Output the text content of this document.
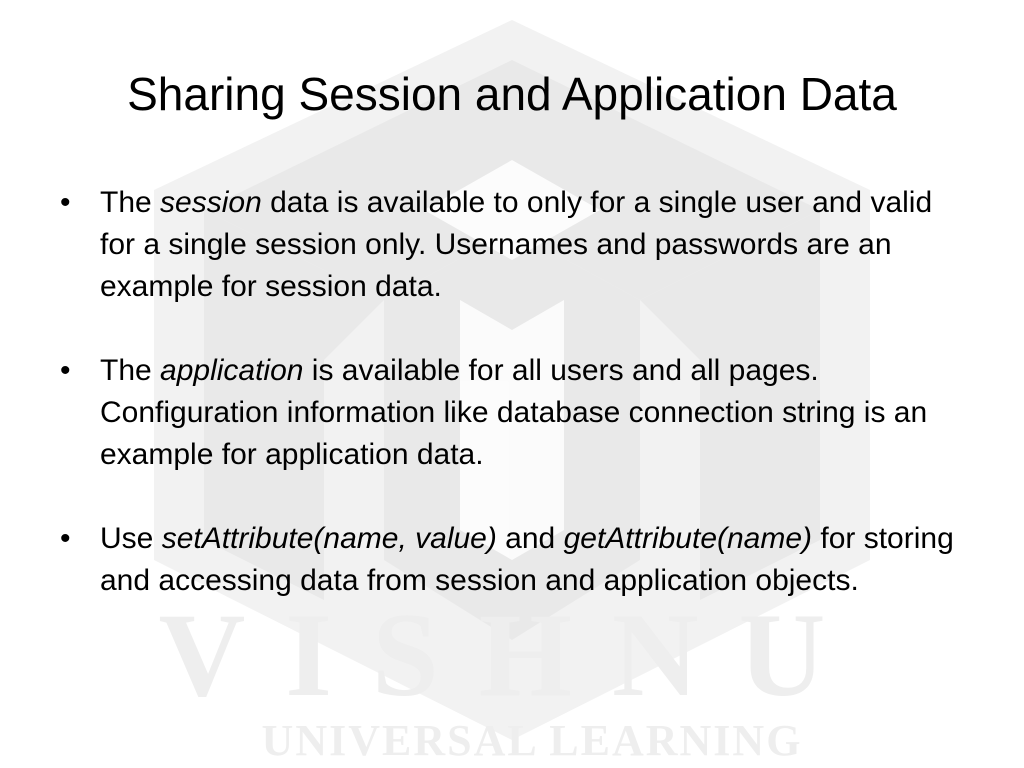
VISHNU
UNIVERSAL LEARNING
Sharing Session and Application Data
• The session data is available to only for a single user and valid for a single session only. Usernames and passwords are an example for session data.
• The application is available for all users and all pages. Configuration information like database connection string is an example for application data.
• Use setAttribute(name, value) and getAttribute(name) for storing and accessing data from session and application objects.
